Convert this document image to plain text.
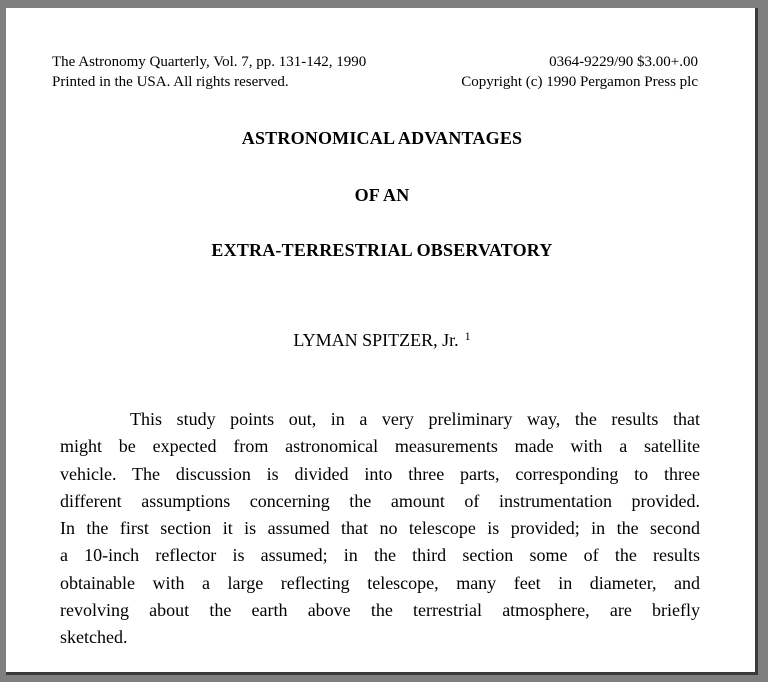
The Astronomy Quarterly, Vol. 7, pp. 131-142, 1990
Printed in the USA. All rights reserved.
0364-9229/90 $3.00+.00
Copyright (c) 1990 Pergamon Press plc
ASTRONOMICAL ADVANTAGES
OF AN
EXTRA-TERRESTRIAL OBSERVATORY
LYMAN SPITZER, Jr. $^1$
This study points out, in a very preliminary way, the results that
might be expected from astronomical measurements made with a satellite
vehicle. The discussion is divided into three parts, corresponding to three
different assumptions concerning the amount of instrumentation provided.
In the first section it is assumed that no telescope is provided; in the second
a 10-inch reflector is assumed; in the third section some of the results
obtainable with a large reflecting telescope, many feet in diameter, and
revolving about the earth above the terrestrial atmosphere, are briefly
sketched.
